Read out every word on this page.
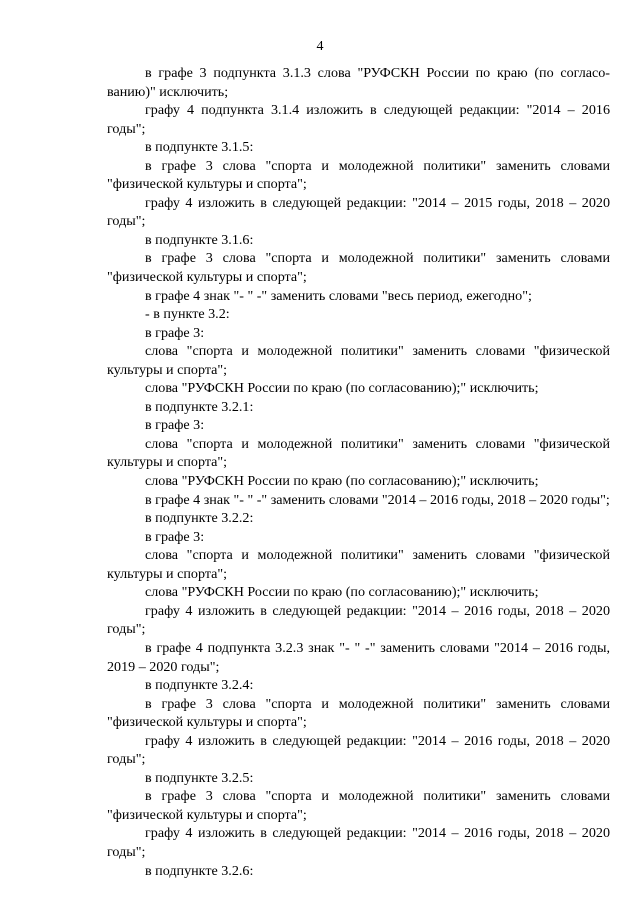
4

в графе 3 подпункта 3.1.3 слова "РУФСКН России по краю (по согласованию)" исключить;

графу 4 подпункта 3.1.4 изложить в следующей редакции: "2014 – 2016 годы";

в подпункте 3.1.5:

в графе 3 слова "спорта и молодежной политики" заменить словами "физической культуры и спорта";

графу 4 изложить в следующей редакции: "2014 – 2015 годы, 2018 – 2020 годы";

в подпункте 3.1.6:

в графе 3 слова "спорта и молодежной политики" заменить словами "физической культуры и спорта";

в графе 4 знак "- " -" заменить словами "весь период, ежегодно";

- в пункте 3.2:

в графе 3:

слова "спорта и молодежной политики" заменить словами "физической культуры и спорта";

слова "РУФСКН России по краю (по согласованию);" исключить;

в подпункте 3.2.1:

в графе 3:

слова "спорта и молодежной политики" заменить словами "физической культуры и спорта";

слова "РУФСКН России по краю (по согласованию);" исключить;

в графе 4 знак "- " -" заменить словами "2014 – 2016 годы, 2018 – 2020 годы";

в подпункте 3.2.2:

в графе 3:

слова "спорта и молодежной политики" заменить словами "физической культуры и спорта";

слова "РУФСКН России по краю (по согласованию);" исключить;

графу 4 изложить в следующей редакции: "2014 – 2016 годы, 2018 – 2020 годы";

в графе 4 подпункта 3.2.3 знак "- " -" заменить словами "2014 – 2016 годы, 2019 – 2020 годы";

в подпункте 3.2.4:

в графе 3 слова "спорта и молодежной политики" заменить словами "физической культуры и спорта";

графу 4 изложить в следующей редакции: "2014 – 2016 годы, 2018 – 2020 годы";

в подпункте 3.2.5:

в графе 3 слова "спорта и молодежной политики" заменить словами "физической культуры и спорта";

графу 4 изложить в следующей редакции: "2014 – 2016 годы, 2018 – 2020 годы";

в подпункте 3.2.6:
